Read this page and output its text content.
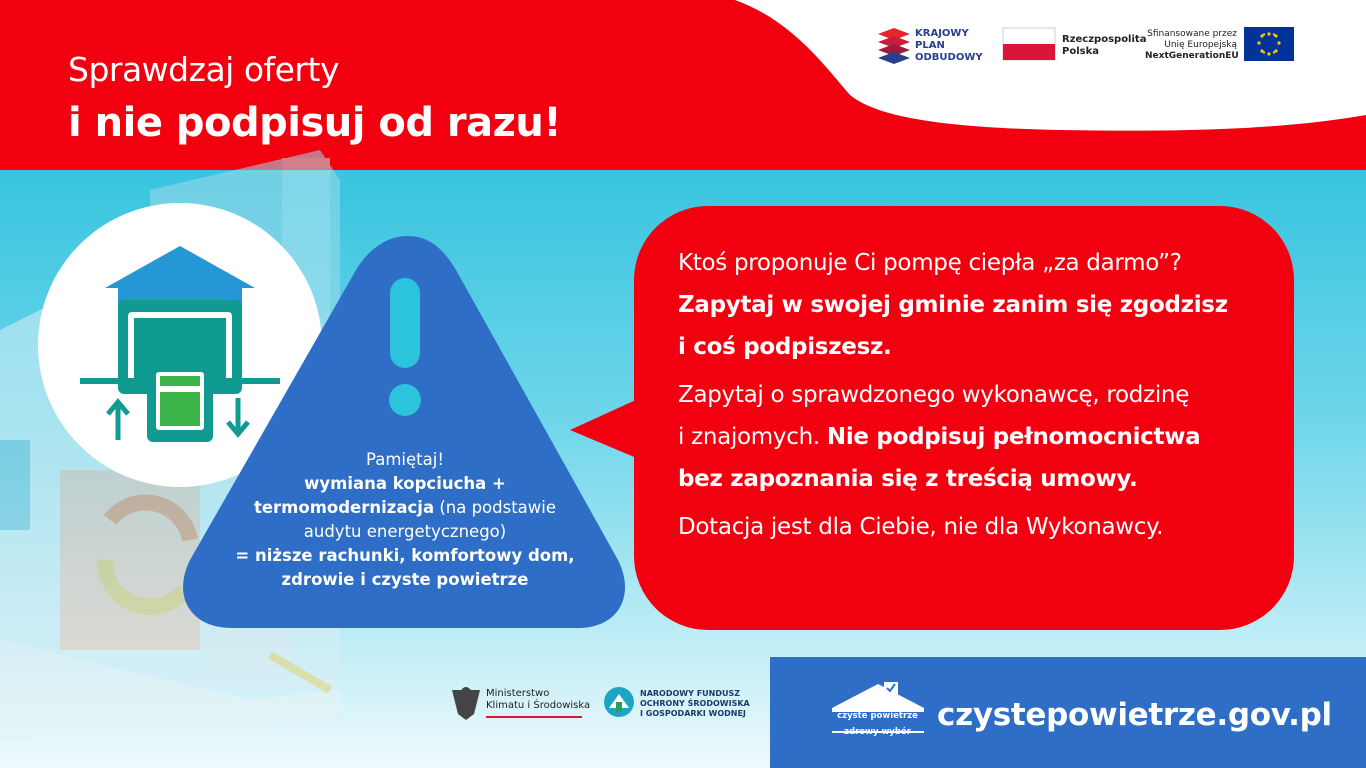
Sprawdzaj oferty
i nie podpisuj od razu!
KRAJOWY
PLAN
ODBUDOWY
Rzeczpospolita
Polska
Sfinansowane przez
Unię Europejską
NextGenerationEU
Pamiętaj!
wymiana kopciucha +
termomodernizacja (na podstawie
audytu energetycznego)
= niższe rachunki, komfortowy dom,
zdrowie i czyste powietrze

Ktoś proponuje Ci pompę ciepła „za darmo”?
Zapytaj w swojej gminie zanim się zgodzisz
i coś podpiszesz.

Zapytaj o sprawdzonego wykonawcę, rodzinę
i znajomych. Nie podpisuj pełnomocnictwa
bez zapoznania się z treścią umowy.

Dotacja jest dla Ciebie, nie dla Wykonawcy.

Ministerstwo
Klimatu i Środowiska
NARODOWY FUNDUSZ
OCHRONY ŚRODOWISKA
I GOSPODARKI WODNEJ	czyste powietrze
zdrowy wybór czystepowietrze.gov.pl
